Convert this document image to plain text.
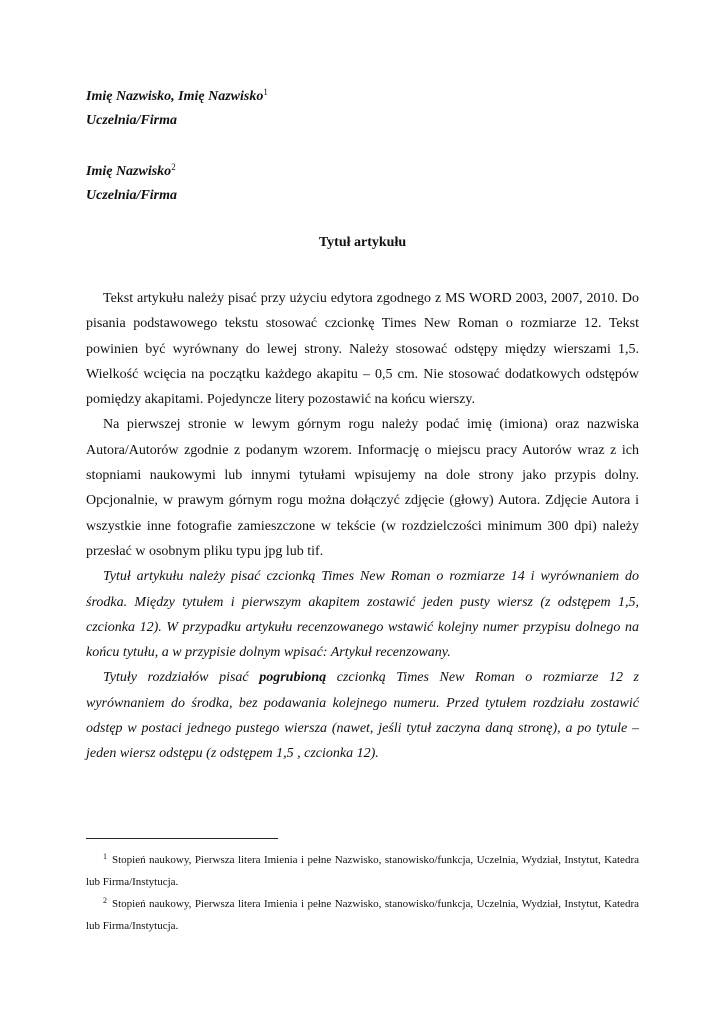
Imię Nazwisko, Imię Nazwisko$^1$
Uczelnia/Firma
Imię Nazwisko$^2$
Uczelnia/Firma
Tytuł artykułu

Tekst artykułu należy pisać przy użyciu edytora zgodnego z MS WORD 2003, 2007, 2010. Do pisania podstawowego tekstu stosować czcionkę Times New Roman o rozmiarze 12. Tekst powinien być wyrównany do lewej strony. Należy stosować odstępy między wierszami 1,5. Wielkość wcięcia na początku każdego akapitu – 0,5 cm. Nie stosować dodatkowych odstępów pomiędzy akapitami. Pojedyncze litery pozostawić na końcu wierszy.

Na pierwszej stronie w lewym górnym rogu należy podać imię (imiona) oraz nazwiska Autora/Autorów zgodnie z podanym wzorem. Informację o miejscu pracy Autorów wraz z ich stopniami naukowymi lub innymi tytułami wpisujemy na dole strony jako przypis dolny. Opcjonalnie, w prawym górnym rogu można dołączyć zdjęcie (głowy) Autora. Zdjęcie Autora i wszystkie inne fotografie zamieszczone w tekście (w rozdzielczości minimum 300 dpi) należy przesłać w osobnym pliku typu jpg lub tif.

Tytuł artykułu należy pisać czcionką Times New Roman o rozmiarze 14 i wyrównaniem do środka. Między tytułem i pierwszym akapitem zostawić jeden pusty wiersz (z odstępem 1,5, czcionka 12). W przypadku artykułu recenzowanego wstawić kolejny numer przypisu dolnego na końcu tytułu, a w przypisie dolnym wpisać: Artykuł recenzowany.

Tytuły rozdziałów pisać pogrubioną czcionką Times New Roman o rozmiarze 12 z wyrównaniem do środka, bez podawania kolejnego numeru. Przed tytułem rozdziału zostawić odstęp w postaci jednego pustego wiersza (nawet, jeśli tytuł zaczyna daną stronę), a po tytule – jeden wiersz odstępu (z odstępem 1,5 , czcionka 12).

$^1$ Stopień naukowy, Pierwsza litera Imienia i pełne Nazwisko, stanowisko/funkcja, Uczelnia, Wydział, Instytut, Katedra lub Firma/Instytucja.

$^2$ Stopień naukowy, Pierwsza litera Imienia i pełne Nazwisko, stanowisko/funkcja, Uczelnia, Wydział, Instytut, Katedra lub Firma/Instytucja.
